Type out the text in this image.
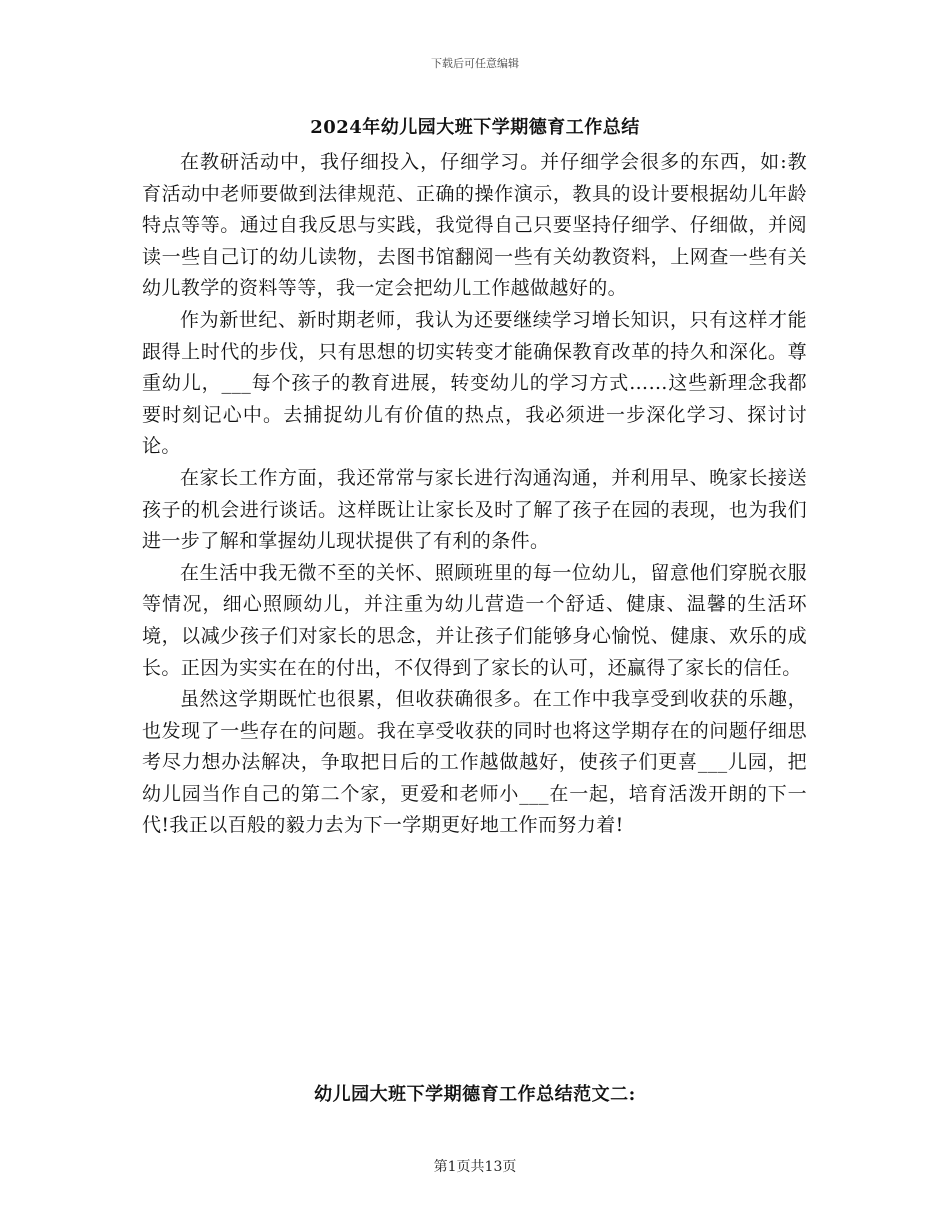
下载后可任意编辑
2024年幼儿园大班下学期德育工作总结

在教研活动中，我仔细投入，仔细学习。并仔细学会很多的东西，如:教育活动中老师要做到法律规范、正确的操作演示，教具的设计要根据幼儿年龄特点等等。通过自我反思与实践，我觉得自己只要坚持仔细学、仔细做，并阅读一些自己订的幼儿读物，去图书馆翻阅一些有关幼教资料，上网查一些有关幼儿教学的资料等等，我一定会把幼儿工作越做越好的。

作为新世纪、新时期老师，我认为还要继续学习增长知识，只有这样才能跟得上时代的步伐，只有思想的切实转变才能确保教育改革的持久和深化。尊重幼儿，___每个孩子的教育进展，转变幼儿的学习方式……这些新理念我都要时刻记心中。去捕捉幼儿有价值的热点，我必须进一步深化学习、探讨讨论。

在家长工作方面，我还常常与家长进行沟通沟通，并利用早、晚家长接送孩子的机会进行谈话。这样既让让家长及时了解了孩子在园的表现，也为我们进一步了解和掌握幼儿现状提供了有利的条件。

在生活中我无微不至的关怀、照顾班里的每一位幼儿，留意他们穿脱衣服等情况，细心照顾幼儿，并注重为幼儿营造一个舒适、健康、温馨的生活环境，以减少孩子们对家长的思念，并让孩子们能够身心愉悦、健康、欢乐的成长。正因为实实在在的付出，不仅得到了家长的认可，还赢得了家长的信任。

虽然这学期既忙也很累，但收获确很多。在工作中我享受到收获的乐趣，也发现了一些存在的问题。我在享受收获的同时也将这学期存在的问题仔细思考尽力想办法解决，争取把日后的工作越做越好，使孩子们更喜___儿园，把幼儿园当作自己的第二个家，更爱和老师小___在一起，培育活泼开朗的下一代!我正以百般的毅力去为下一学期更好地工作而努力着!

幼儿园大班下学期德育工作总结范文二:
第1页共13页
